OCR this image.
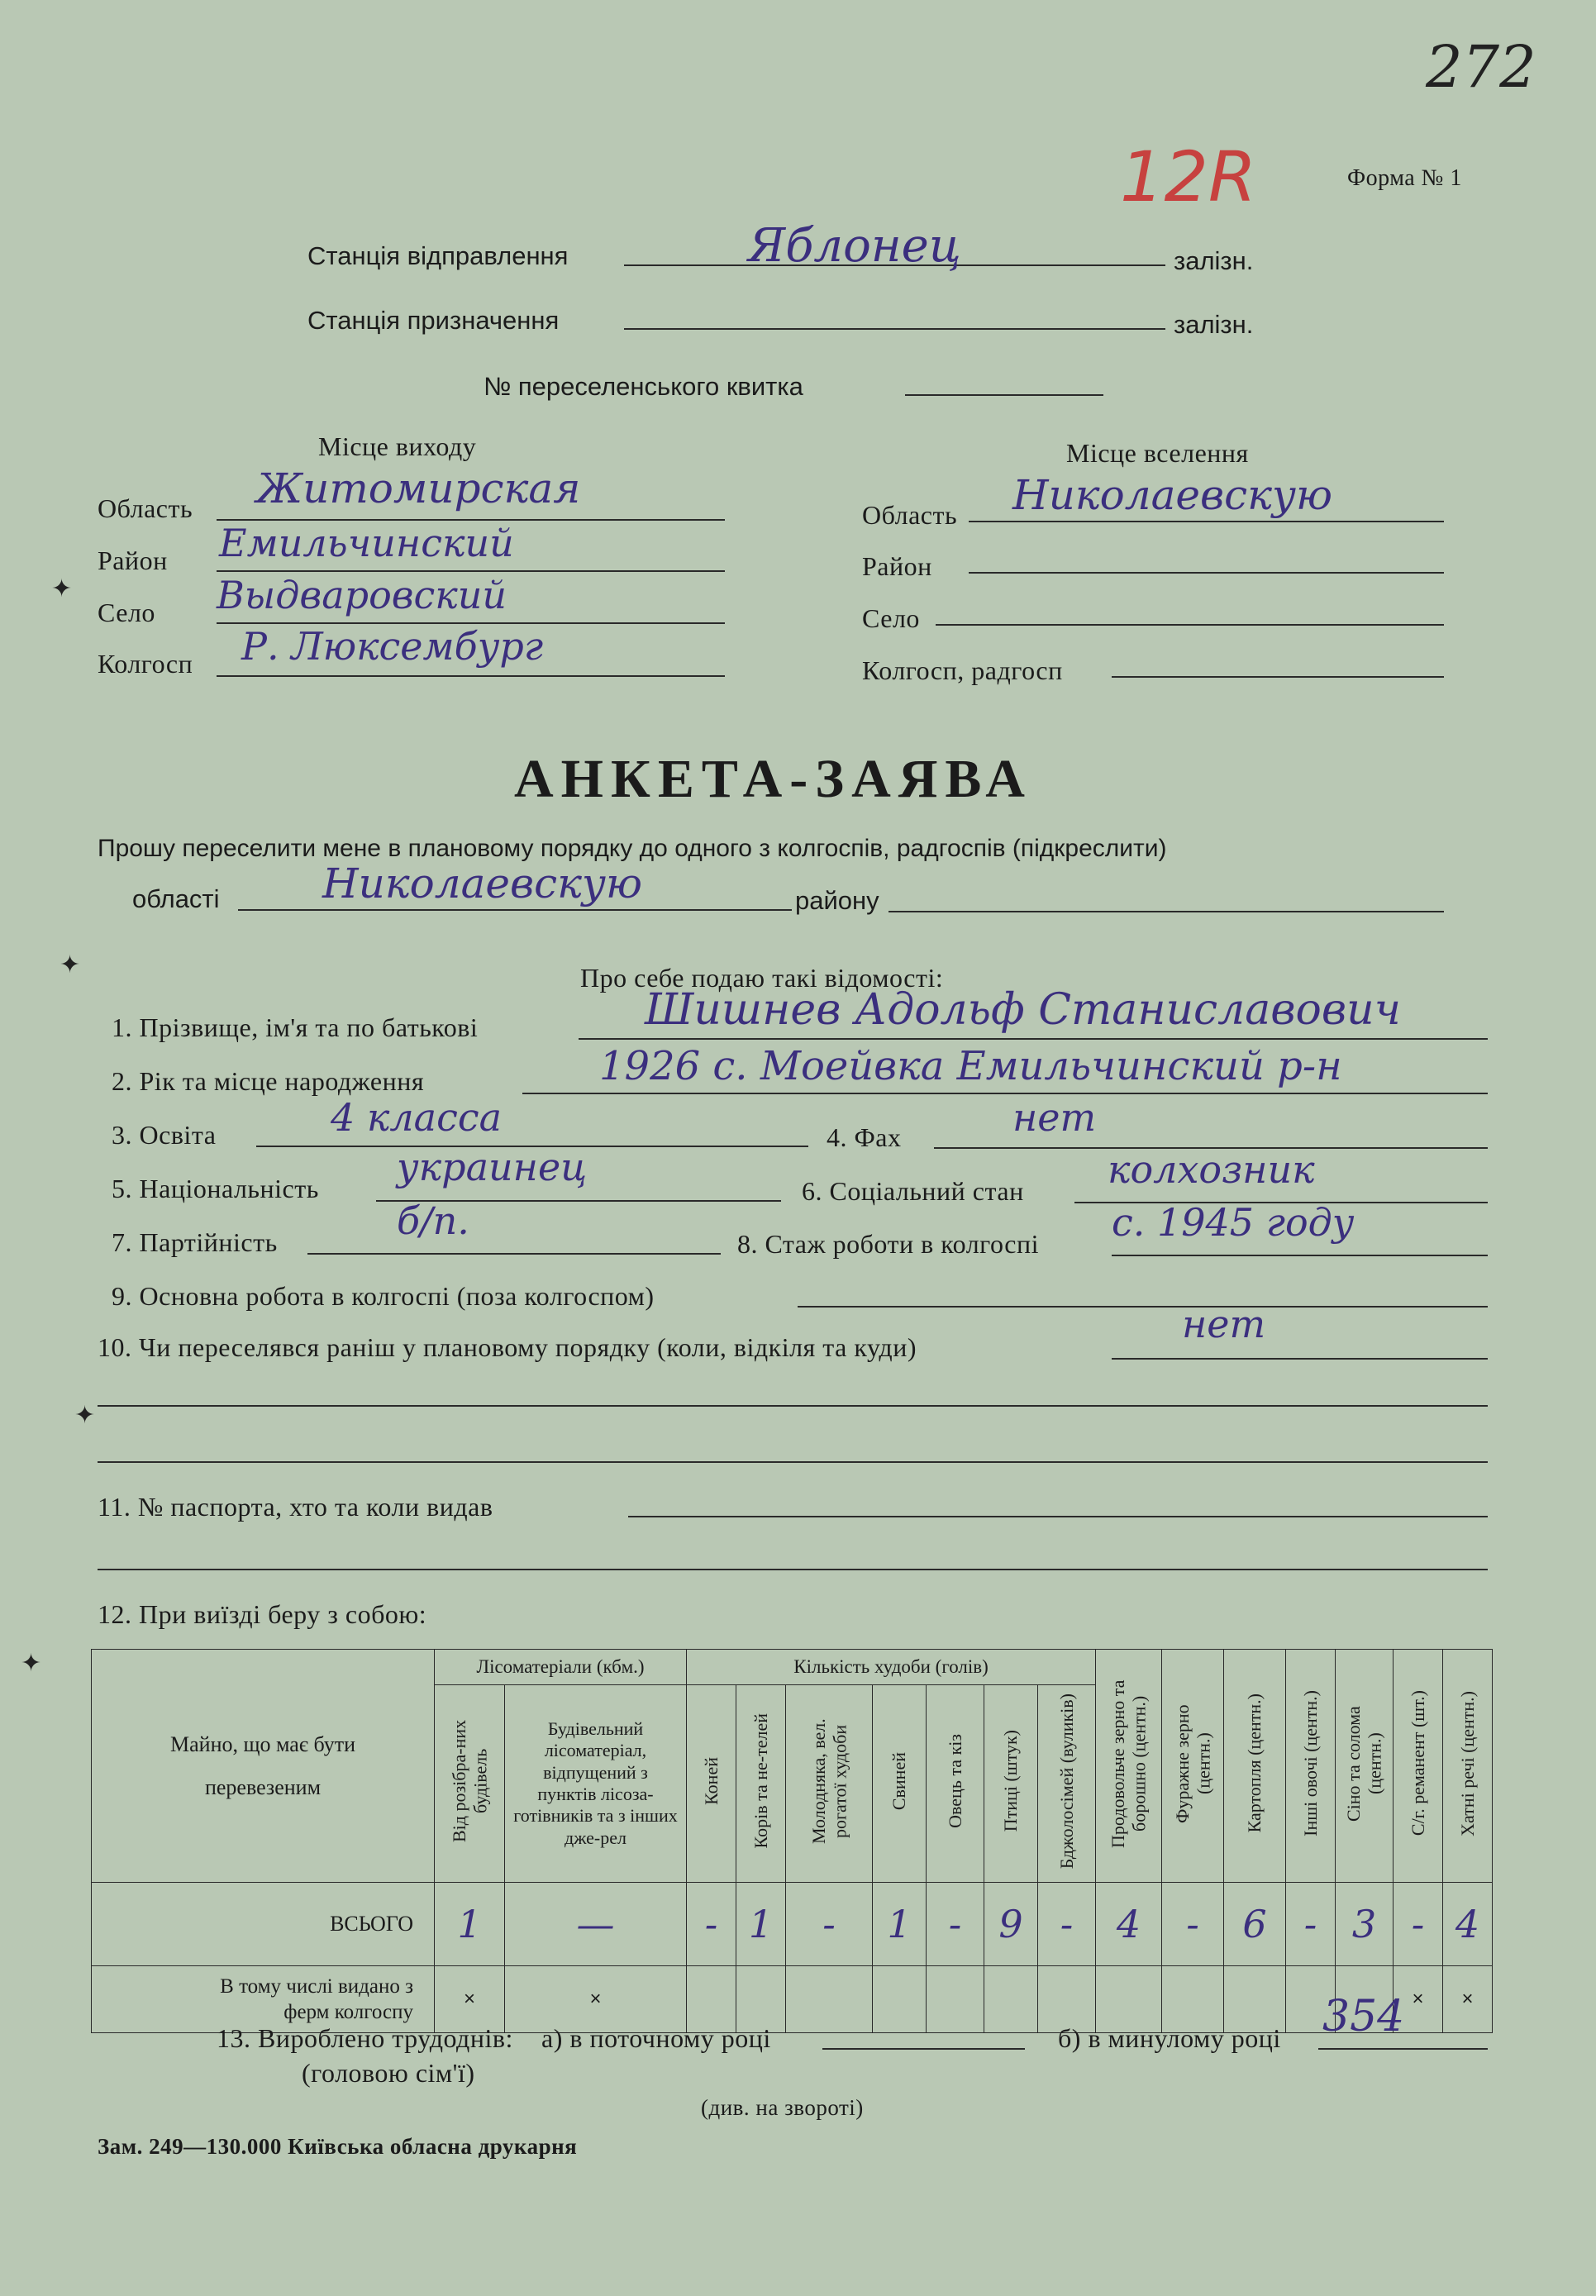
272
12R	Форма № 1
Станція відправлення	Яблонец	залізн.
Станція призначення	залізн.
№ переселенського квитка
Місце виходу
Область Житомирская
Район Емильчинский
Село Выдваровский
Колгосп Р. Люксембург
Місце вселення
Область Николаевскую
Район
Село
Колгосп, радгосп
АНКЕТА-ЗАЯВА
Прошу переселити мене в плановому порядку до одного з колгоспів, радгоспів (підкреслити)
області Николаевскую	району
Про себе подаю такі відомості:
1. Прізвище, ім'я та по батькові	Шишнев Адольф Станиславович
2. Рік та місце народження	1926 с. Моейвка Емильчинский р-н
3. Освіта	4 класса	4. Фах	нет
5. Національність украинец
6. Соціальний стан колхозник
7. Партійність	б/п.
8. Стаж роботи в колгоспі с. 1945 году
9. Основна робота в колгоспі (поза колгоспом)
10. Чи переселявся раніш у плановому порядку (коли, відкіля та куди)
нет
11. № паспорта, хто та коли видав
12. При виїзді беру з собою:
Майно, що має бути перевезеним	Лісоматеріали (кбм.)		Кількість худоби (голів)							Продовольче зерно та борошно (центн.)	Фуражне зерно (центн.)	Картопля (центн.)	Інші овочі (центн.)	Сіно та солома (центн.)	С/г. реманент (шт.)	Хатні речі (центн.)
	Від розібра-них будівель	Будівельний лісоматеріал, відпущений з пунктів лісоза-готівників та з інших дже-рел	Коней	Корів та не-телей	Молодняка, вел. рогатої худоби	Свиней	Овець та кіз	Птиці (штук)	Бджолосімей (вуликів)							
ВСЬОГО	1	—	-	1	-	1	-	9	-	4	-	6	-	3	-	4
В тому числі видано з ферм колгоспу	×	×													×	×
13. Вироблено трудоднів: а) в поточному році	б) в минулому році 354
(головою сім'ї)
(див. на звороті)
Зам. 249—130.000 Київська обласна друкарня
✦
✦
✦
✦
